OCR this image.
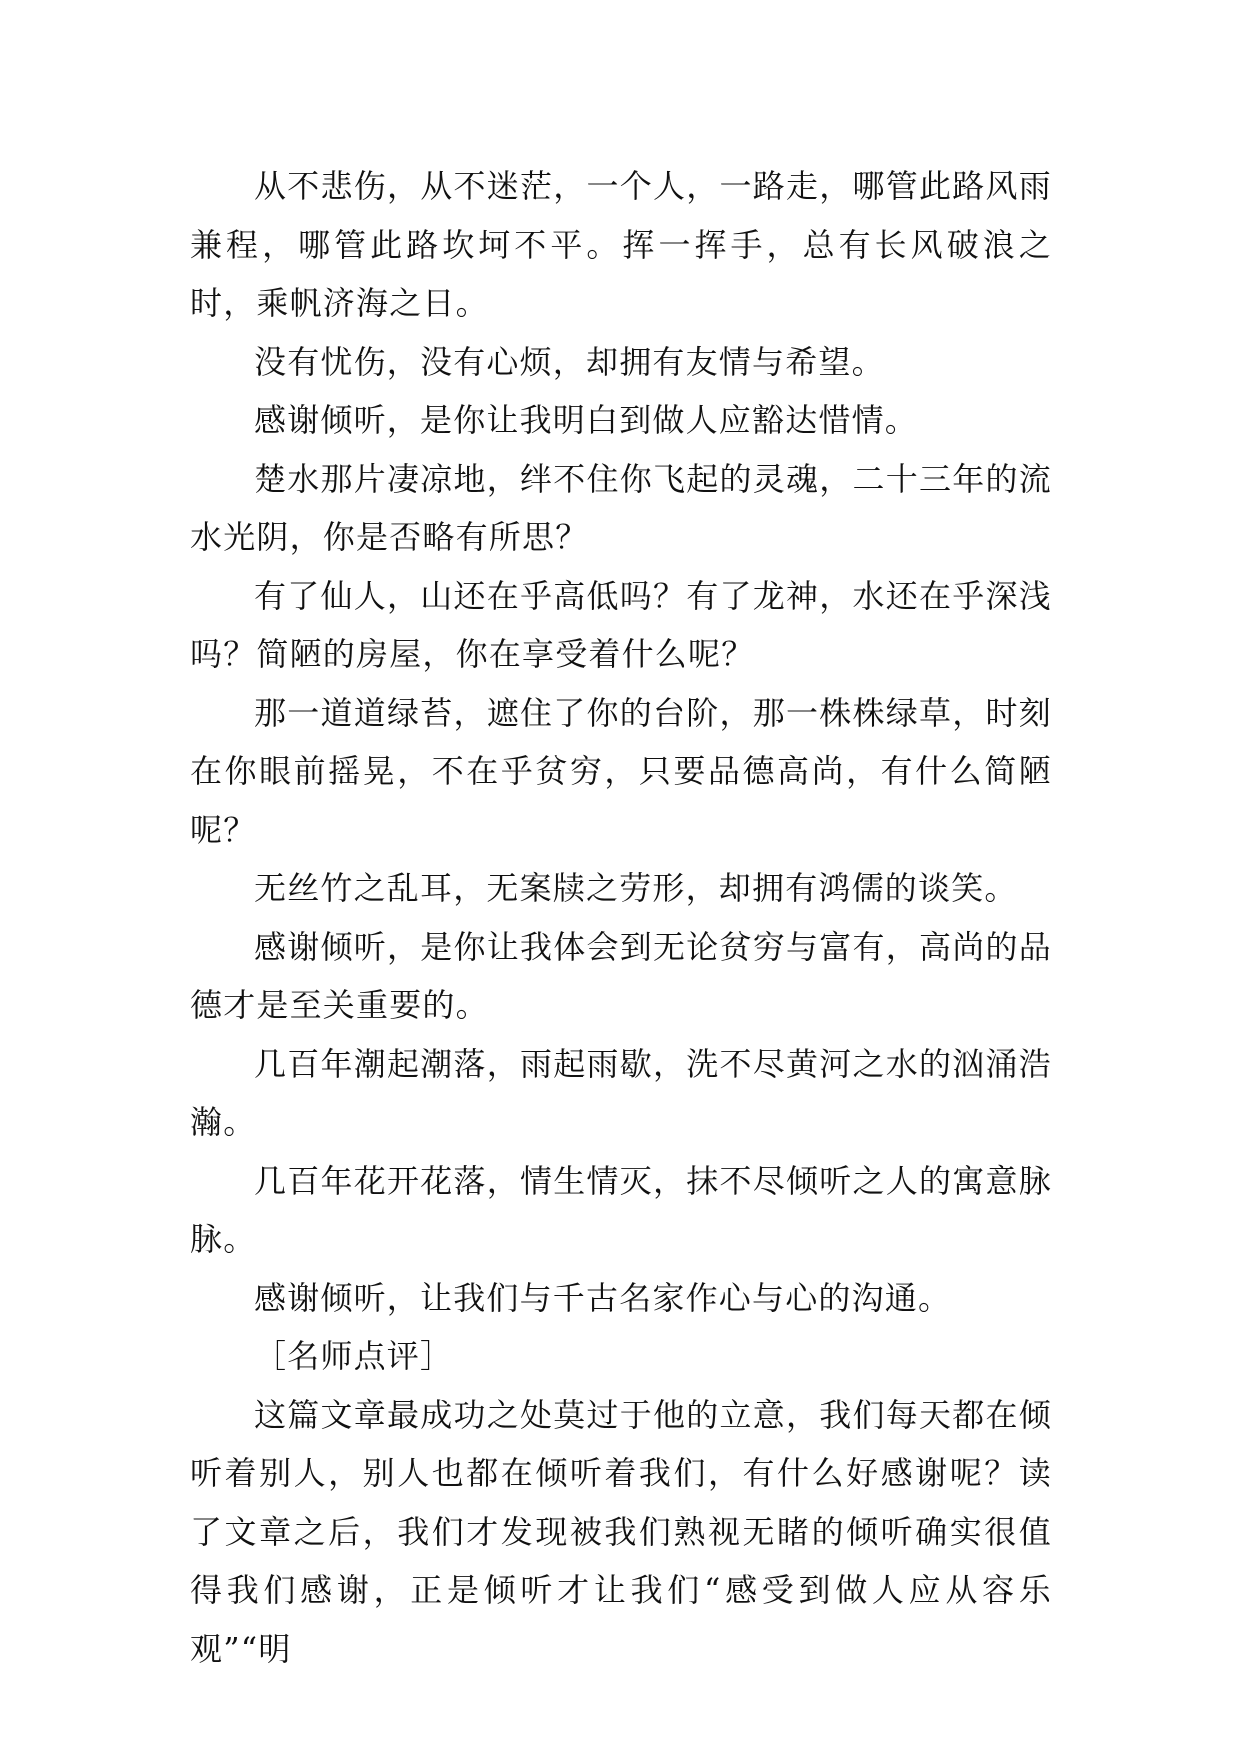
从不悲伤，从不迷茫，一个人，一路走，哪管此路风雨兼程，哪管此路坎坷不平。挥一挥手，总有长风破浪之时，乘帆济海之日。

没有忧伤，没有心烦，却拥有友情与希望。

感谢倾听，是你让我明白到做人应豁达惜情。

楚水那片凄凉地，绊不住你飞起的灵魂，二十三年的流水光阴，你是否略有所思？

有了仙人，山还在乎高低吗？有了龙神，水还在乎深浅吗？简陋的房屋，你在享受着什么呢？

那一道道绿苔，遮住了你的台阶，那一株株绿草，时刻在你眼前摇晃，不在乎贫穷，只要品德高尚，有什么简陋呢？

无丝竹之乱耳，无案牍之劳形，却拥有鸿儒的谈笑。

感谢倾听，是你让我体会到无论贫穷与富有，高尚的品德才是至关重要的。

几百年潮起潮落，雨起雨歇，洗不尽黄河之水的汹涌浩瀚。

几百年花开花落，情生情灭，抹不尽倾听之人的寓意脉脉。

感谢倾听，让我们与千古名家作心与心的沟通。

［名师点评］

这篇文章最成功之处莫过于他的立意，我们每天都在倾听着别人，别人也都在倾听着我们，有什么好感谢呢？读了文章之后，我们才发现被我们熟视无睹的倾听确实很值得我们感谢，正是倾听才让我们“感受到做人应从容乐观”“明
